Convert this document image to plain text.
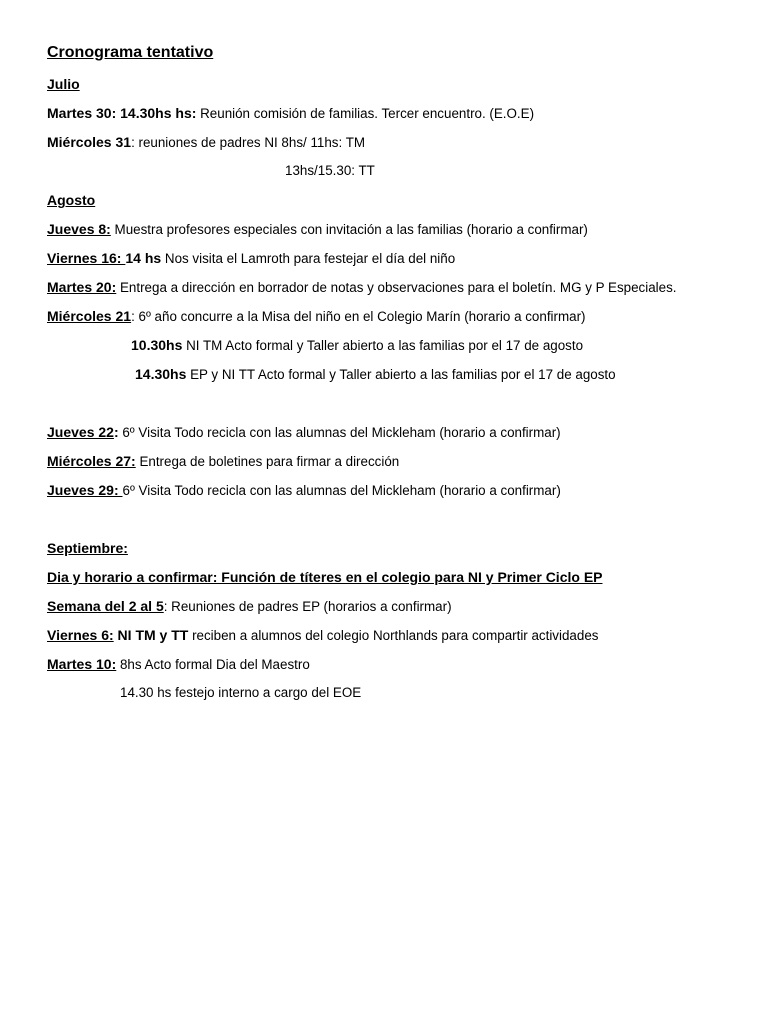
Cronograma tentativo
Julio
Martes 30: 14.30hs hs: Reunión comisión de familias. Tercer encuentro. (E.O.E)
Miércoles 31: reuniones de padres NI 8hs/ 11hs: TM
13hs/15.30: TT
Agosto
Jueves 8: Muestra profesores especiales con invitación a las familias (horario a confirmar)
Viernes 16: 14 hs Nos visita el Lamroth para festejar el día del niño
Martes 20: Entrega a dirección en borrador de notas y observaciones para el boletín. MG y P Especiales.
Miércoles 21: 6º año concurre a la Misa del niño en el Colegio Marín (horario a confirmar)
10.30hs NI TM Acto formal y Taller abierto a las familias por el 17 de agosto
14.30hs EP y NI TT Acto formal y Taller abierto a las familias por el 17 de agosto
Jueves 22: 6º Visita Todo recicla con las alumnas del Mickleham (horario a confirmar)
Miércoles 27: Entrega de boletines para firmar a dirección
Jueves 29: 6º Visita Todo recicla con las alumnas del Mickleham (horario a confirmar)
Septiembre:
Dia y horario a confirmar: Función de títeres en el colegio para NI y Primer Ciclo EP
Semana del 2 al 5: Reuniones de padres EP (horarios a confirmar)
Viernes 6: NI TM y TT reciben a alumnos del colegio Northlands para compartir actividades
Martes 10: 8hs Acto formal Dia del Maestro
14.30 hs festejo interno a cargo del EOE
